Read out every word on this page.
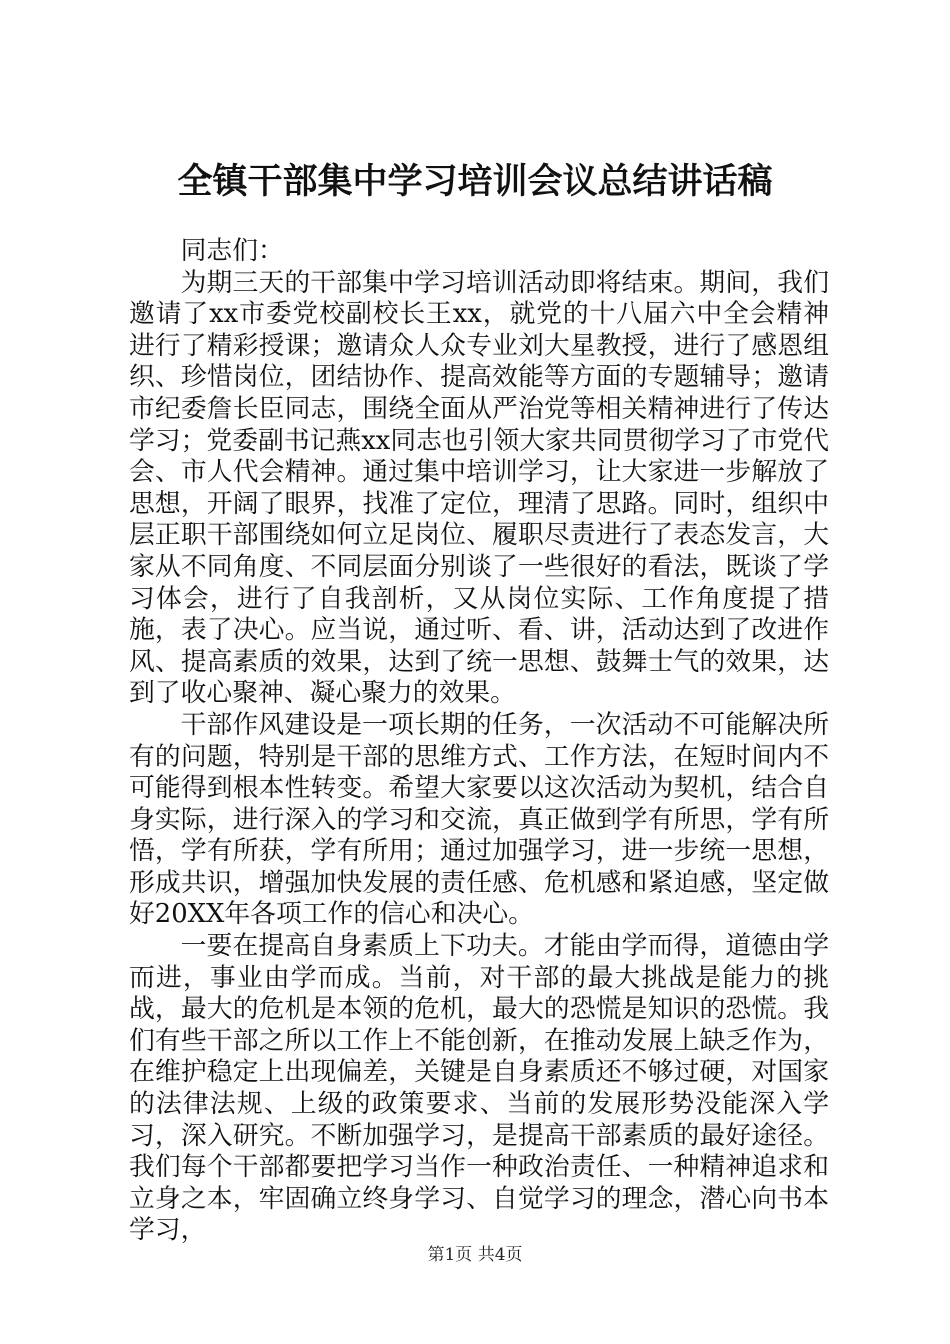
全镇干部集中学习培训会议总结讲话稿

同志们：

为期三天的干部集中学习培训活动即将结束。期间，我们邀请了xx市委党校副校长王xx，就党的十八届六中全会精神进行了精彩授课；邀请众人众专业刘大星教授，进行了感恩组织、珍惜岗位，团结协作、提高效能等方面的专题辅导；邀请市纪委詹长臣同志，围绕全面从严治党等相关精神进行了传达学习；党委副书记燕xx同志也引领大家共同贯彻学习了市党代会、市人代会精神。通过集中培训学习，让大家进一步解放了思想，开阔了眼界，找准了定位，理清了思路。同时，组织中层正职干部围绕如何立足岗位、履职尽责进行了表态发言，大家从不同角度、不同层面分别谈了一些很好的看法，既谈了学习体会，进行了自我剖析，又从岗位实际、工作角度提了措施，表了决心。应当说，通过听、看、讲，活动达到了改进作风、提高素质的效果，达到了统一思想、鼓舞士气的效果，达到了收心聚神、凝心聚力的效果。

干部作风建设是一项长期的任务，一次活动不可能解决所有的问题，特别是干部的思维方式、工作方法，在短时间内不可能得到根本性转变。希望大家要以这次活动为契机，结合自身实际，进行深入的学习和交流，真正做到学有所思，学有所悟，学有所获，学有所用；通过加强学习，进一步统一思想，形成共识，增强加快发展的责任感、危机感和紧迫感，坚定做好20XX年各项工作的信心和决心。

一要在提高自身素质上下功夫。才能由学而得，道德由学而进，事业由学而成。当前，对干部的最大挑战是能力的挑战，最大的危机是本领的危机，最大的恐慌是知识的恐慌。我们有些干部之所以工作上不能创新，在推动发展上缺乏作为，在维护稳定上出现偏差，关键是自身素质还不够过硬，对国家的法律法规、上级的政策要求、当前的发展形势没能深入学习，深入研究。不断加强学习，是提高干部素质的最好途径。我们每个干部都要把学习当作一种政治责任、一种精神追求和立身之本，牢固确立终身学习、自觉学习的理念，潜心向书本学习，

第1页 共4页
